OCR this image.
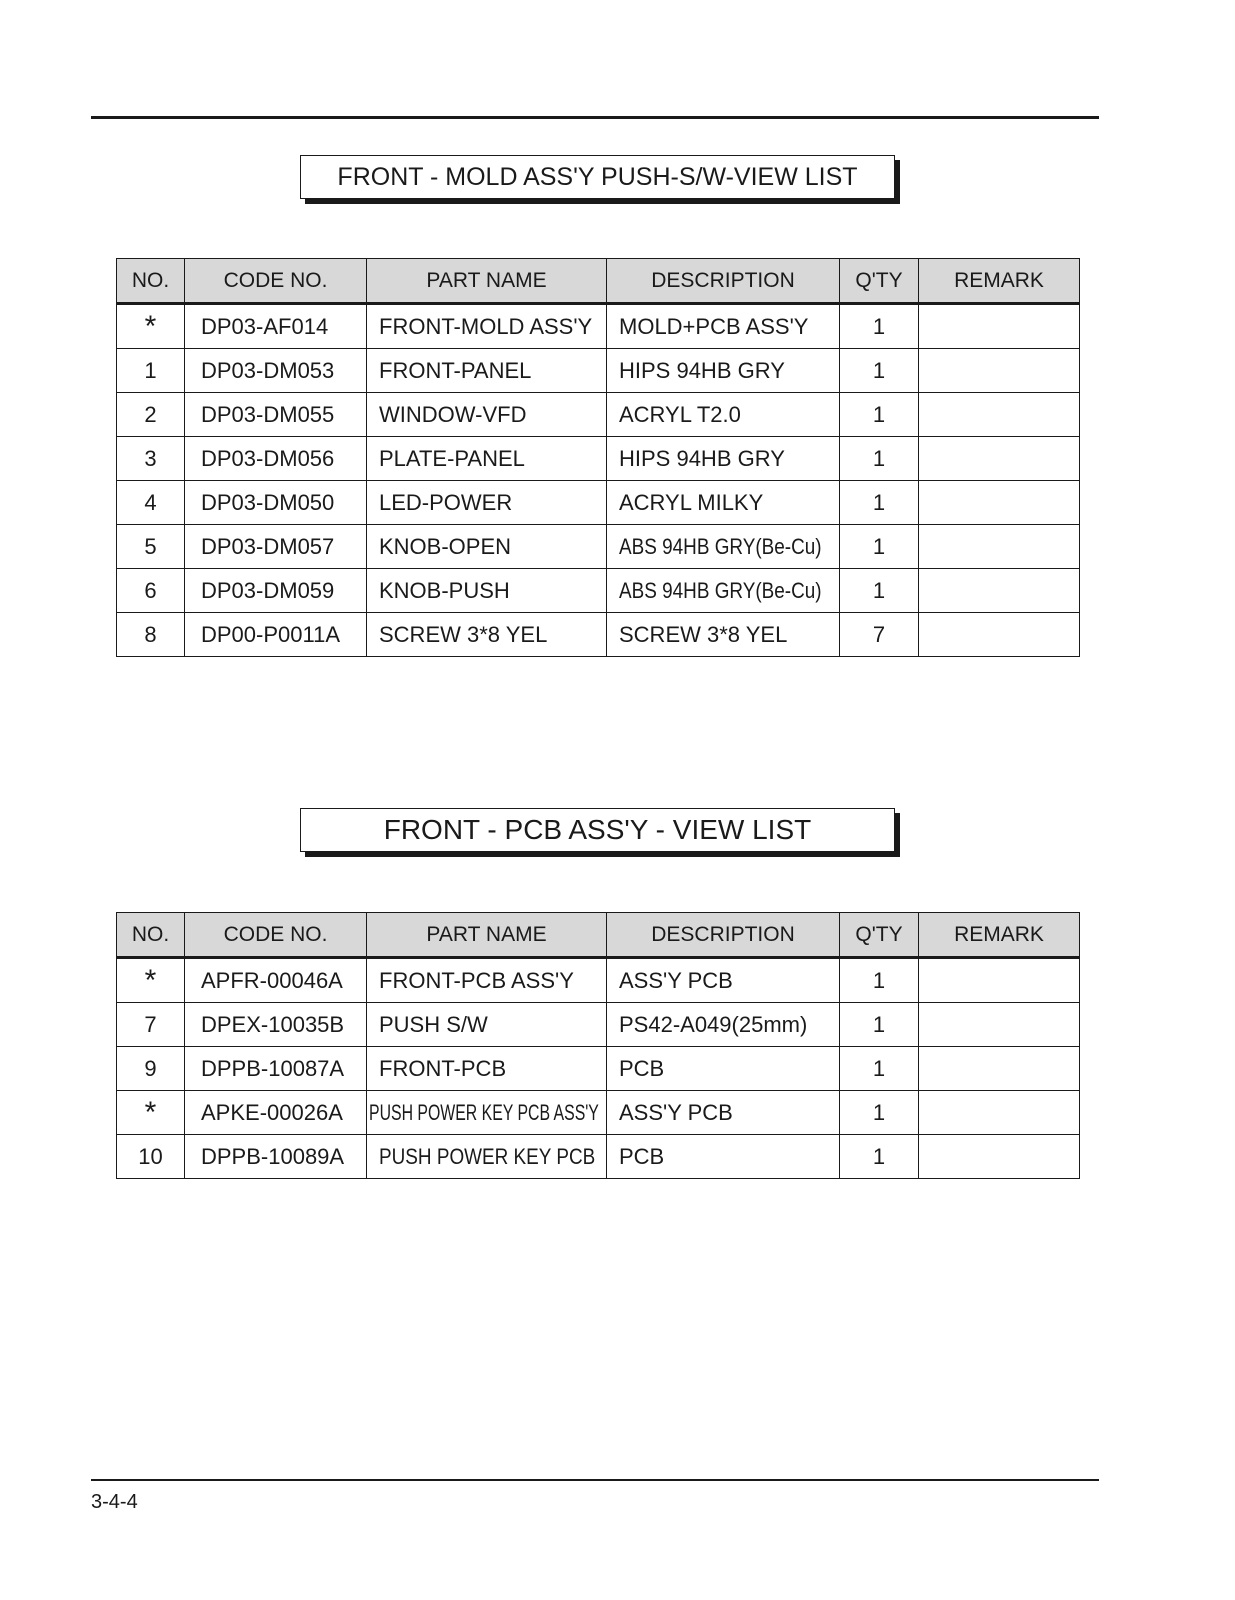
FRONT - MOLD ASS'Y PUSH-S/W-VIEW LIST
NO.	CODE NO.	PART NAME	DESCRIPTION	Q'TY	REMARK
*	DP03-AF014	FRONT-MOLD ASS'Y	MOLD+PCB ASS'Y	1	
1	DP03-DM053	FRONT-PANEL	HIPS 94HB GRY	1	
2	DP03-DM055	WINDOW-VFD	ACRYL T2.0	1	
3	DP03-DM056	PLATE-PANEL	HIPS 94HB GRY	1	
4	DP03-DM050	LED-POWER	ACRYL MILKY	1	
5	DP03-DM057	KNOB-OPEN	ABS 94HB GRY(Be-Cu)	1	
6	DP03-DM059	KNOB-PUSH	ABS 94HB GRY(Be-Cu)	1	
8	DP00-P0011A	SCREW 3*8 YEL	SCREW 3*8 YEL	7	
FRONT - PCB ASS'Y - VIEW LIST
NO.	CODE NO.	PART NAME	DESCRIPTION	Q'TY	REMARK
*	APFR-00046A	FRONT-PCB ASS'Y	ASS'Y PCB	1	
7	DPEX-10035B	PUSH S/W	PS42-A049(25mm)	1	
9	DPPB-10087A	FRONT-PCB	PCB	1	
*	APKE-00026A	PUSH POWER KEY PCB ASS'Y	ASS'Y PCB	1	
10	DPPB-10089A	PUSH POWER KEY PCB	PCB	1	
3-4-4
